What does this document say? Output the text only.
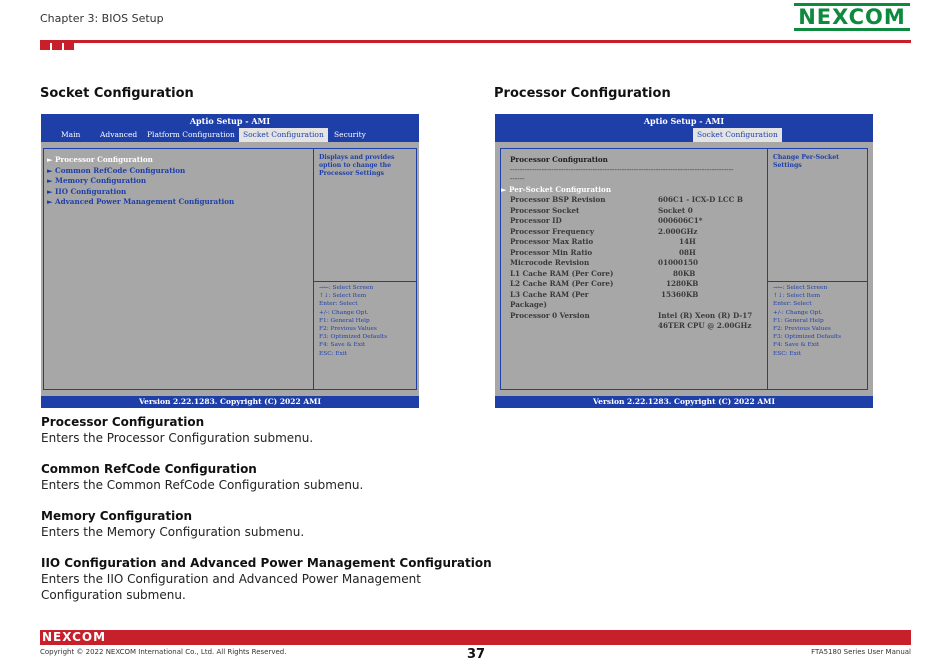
Chapter 3: BIOS Setup	NEXCOM
Socket Configuration
Aptio Setup - AMI
Main	Advanced Platform Configuration	Socket Configuration	Security
► Processor Configuration
► Common RefCode Configuration
► Memory Configuration
► IIO Configuration
► Advanced Power Management Configuration
Displays and provides
option to change the
Processor Settings
→←: Select Screen
↑↓: Select Item
Enter: Select
+/-: Change Opt.
F1: General Help
F2: Previous Values
F3: Optimized Defaults
F4: Save & Exit
ESC: Exit
Version 2.22.1283. Copyright (C) 2022 AMI
Processor Configuration
Aptio Setup - AMI
Socket Configuration
Processor Configuration
--------------------------------------------------------------------------------------------
------
► Per-Socket Configuration
Processor BSP Revision	606C1 - ICX-D LCC B
Processor Socket	Socket 0
Processor ID	000606C1*
Processor Frequency	2.000GHz
Processor Max Ratio	14H
Processor Min Ratio	08H
Microcode Revision	01000150
L1 Cache RAM (Per Core)	80KB
L2 Cache RAM (Per Core)	1280KB
L3 Cache RAM (Per	15360KB
Package)
Processor 0 Version	Intel (R) Xeon (R) D-17
46TER CPU @ 2.00GHz
Change Per-Socket
Settings
→←: Select Screen
↑↓: Select Item
Enter: Select
+/-: Change Opt.
F1: General Help
F2: Previous Values
F3: Optimized Defaults
F4: Save & Exit
ESC: Exit
Version 2.22.1283. Copyright (C) 2022 AMI
Processor Configuration
Enters the Processor Configuration submenu.
Common RefCode Configuration
Enters the Common RefCode Configuration submenu.
Memory Configuration
Enters the Memory Configuration submenu.
IIO Configuration and Advanced Power Management Configuration
Enters the IIO Configuration and Advanced Power Management
Configuration submenu.
NEXCOM
Copyright © 2022 NEXCOM International Co., Ltd. All Rights Reserved.	37	FTA5180 Series User Manual
